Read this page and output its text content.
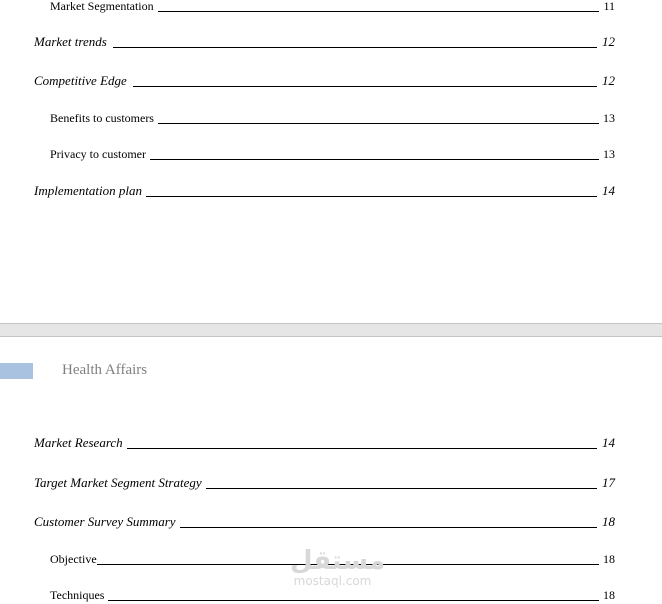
Market Segmentation	11
Market trends	12
Competitive Edge	12
Benefits to customers	13
Privacy to customer	13
Implementation plan	14
Health Affairs
Market Research	14
Target Market Segment Strategy	17
Customer Survey Summary	18
Objective	18
Techniques	18
مستقل
mostaql.com
